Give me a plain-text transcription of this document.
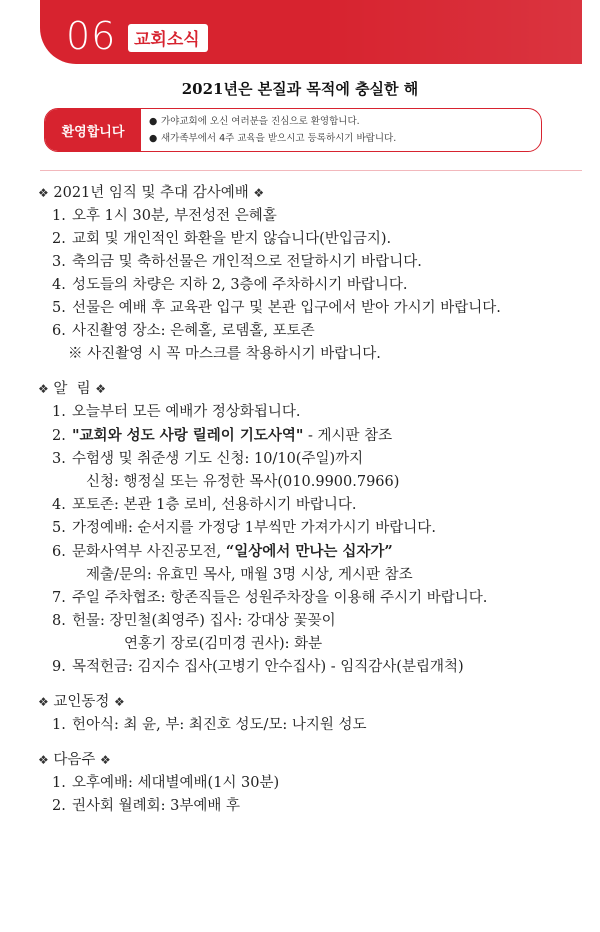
06	교회소식
2021년은 본질과 목적에 충실한 해
환영합니다
● 가야교회에 오신 여러분을 진심으로 환영합니다.
● 새가족부에서 4주 교육을 받으시고 등록하시기 바랍니다.
❖ 2021년 임직 및 추대 감사예배 ❖
1. 오후 1시 30분, 부전성전 은혜홀
2. 교회 및 개인적인 화환을 받지 않습니다(반입금지).
3. 축의금 및 축하선물은 개인적으로 전달하시기 바랍니다.
4. 성도들의 차량은 지하 2, 3층에 주차하시기 바랍니다.
5. 선물은 예배 후 교육관 입구 및 본관 입구에서 받아 가시기 바랍니다.
6. 사진촬영 장소: 은혜홀, 로뎀홀, 포토존
※ 사진촬영 시 꼭 마스크를 착용하시기 바랍니다.
❖ 알  림 ❖
1. 오늘부터 모든 예배가 정상화됩니다.
2. "교회와 성도 사랑 릴레이 기도사역" - 게시판 참조
3. 수험생 및 취준생 기도 신청: 10/10(주일)까지
신청: 행정실 또는 유정한 목사(010.9900.7966)
4. 포토존: 본관 1층 로비, 선용하시기 바랍니다.
5. 가정예배: 순서지를 가정당 1부씩만 가져가시기 바랍니다.
6. 문화사역부 사진공모전, “일상에서 만나는 십자가”
제출/문의: 유효민 목사, 매월 3명 시상, 게시판 참조
7. 주일 주차협조: 항존직들은 성원주차장을 이용해 주시기 바랍니다.
8. 헌물: 장민철(최영주) 집사: 강대상 꽃꽂이
연홍기 장로(김미경 권사): 화분
9. 목적헌금: 김지수 집사(고병기 안수집사) - 임직감사(분립개척)
❖ 교인동정 ❖
1. 헌아식: 최 윤, 부: 최진호 성도/모: 나지원 성도
❖ 다음주 ❖
1. 오후예배: 세대별예배(1시 30분)
2. 권사회 월례회: 3부예배 후
